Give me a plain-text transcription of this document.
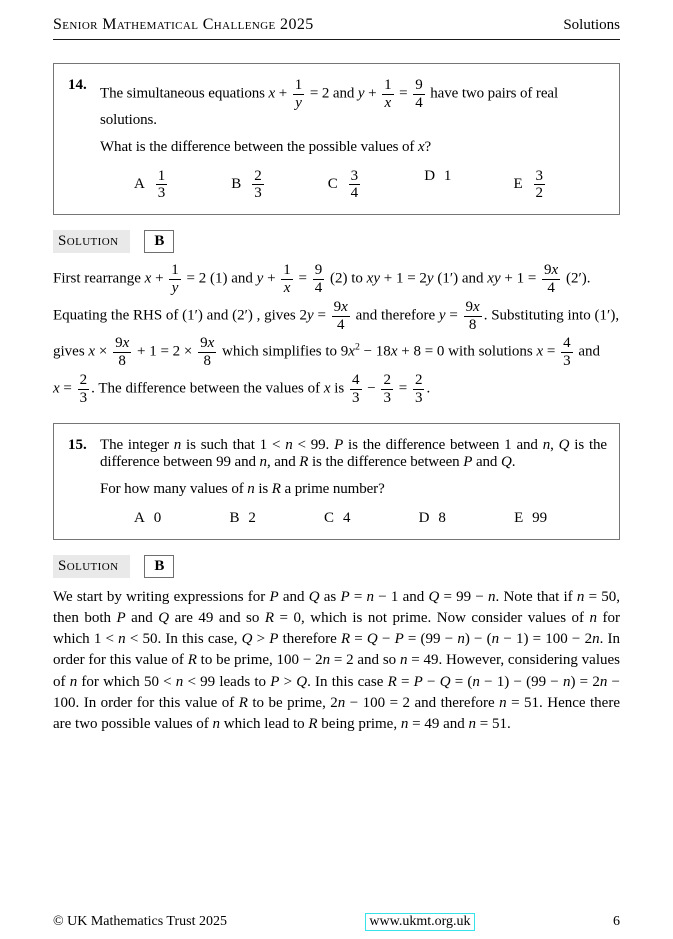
Senior Mathematical Challenge 2025	Solutions
14.
The simultaneous equations $x + \frac{1}{y} = 2$ and $y + \frac{1}{x} = \frac{9}{4}$ have two pairs of real solutions.
What is the difference between the possible values of x?
A $\frac{1}{3}$	B $\frac{2}{3}$	C $\frac{3}{4}$	D 1
E $\frac{3}{2}$
Solution	B
First rearrange $x + \frac{1}{y} = 2$ (1) and $y + \frac{1}{x} = \frac{9}{4} (2)$ to xy + 1 = 2y (1′) and xy + $1 = \frac{9x}{4} (2')$.
Equating the RHS of (1′) and (2′) , gives $2y = \frac{9x}{4}$ and therefore $y = \frac{9x}{8}$ . Substituting into (1′),
gives $x \times \frac{9x}{8} + 1 = 2 \times \frac{9x}{8}$ which simplifies to $9x^2 - 18x + 8 = 0$ with solutions $x = \frac{4}{3}$ and
$x = \frac{2}{3}$ . The difference between the values of x is $\frac{4}{3} - \frac{2}{3} = \frac{2}{3}$ .
15. The integer n is such that 1 < n < 99. P is the difference between 1 and n, Q is the difference between 99 and n, and R is the difference between P and Q.
For how many values of n is R a prime number?
A 0	B 2	C 4	D 8	E 99
Solution	B
We start by writing expressions for P and Q as P = n − 1 and Q = 99 − n. Note that if n = 50, then both P and Q are 49 and so R = 0, which is not prime. Now consider values of n for which 1 < n < 50. In this case, Q > P therefore R = Q − P = (99 − n) − (n − 1) = 100 − 2n. In order for this value of R to be prime, 100 − 2n = 2 and so n = 49. However, considering values of n for which 50 < n < 99 leads to P > Q. In this case R = P − Q = (n − 1) − (99 − n) = 2n − 100. In order for this value of R to be prime, 2n − 100 = 2 and therefore n = 51. Hence there are two possible values of n which lead to R being prime, n = 49 and n = 51.
© UK Mathematics Trust 2025	www.ukmt.org.uk	6
